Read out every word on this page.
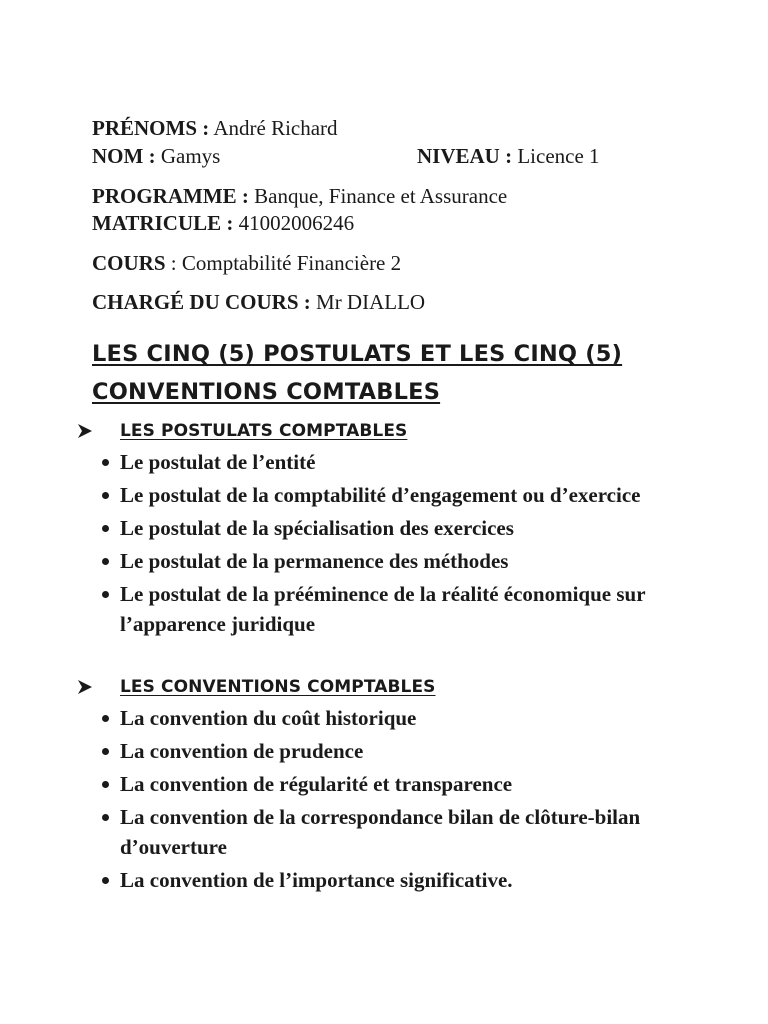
PRÉNOMS : André Richard
NOM : Gamys	NIVEAU : Licence 1
PROGRAMME : Banque, Finance et Assurance
MATRICULE : 41002006246
COURS : Comptabilité Financière 2
CHARGÉ DU COURS : Mr DIALLO
LES CINQ (5) POSTULATS ET LES CINQ (5) CONVENTIONS COMTABLES
LES POSTULATS COMPTABLES
Le postulat de l’entité
Le postulat de la comptabilité d’engagement ou d’exercice
Le postulat de la spécialisation des exercices
Le postulat de la permanence des méthodes
Le postulat de la prééminence de la réalité économique sur l’apparence juridique
LES CONVENTIONS COMPTABLES
La convention du coût historique
La convention de prudence
La convention de régularité et transparence
La convention de la correspondance bilan de clôture-bilan d’ouverture
La convention de l’importance significative.
